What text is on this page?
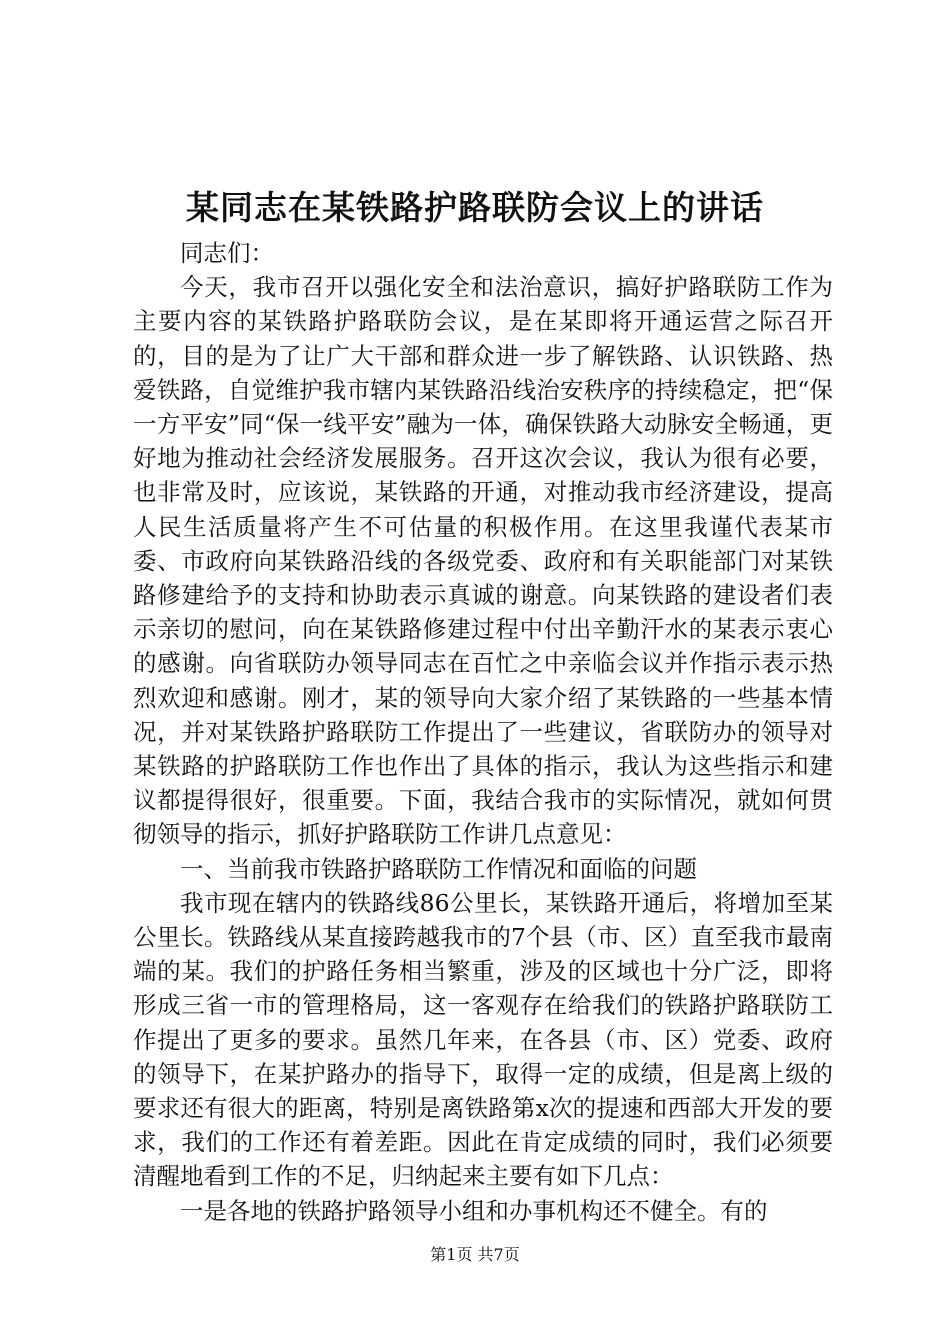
某同志在某铁路护路联防会议上的讲话

同志们：

今天，我市召开以强化安全和法治意识，搞好护路联防工作为主要内容的某铁路护路联防会议，是在某即将开通运营之际召开的，目的是为了让广大干部和群众进一步了解铁路、认识铁路、热爱铁路，自觉维护我市辖内某铁路沿线治安秩序的持续稳定，把“保一方平安”同“保一线平安”融为一体，确保铁路大动脉安全畅通，更好地为推动社会经济发展服务。召开这次会议，我认为很有必要，也非常及时，应该说，某铁路的开通，对推动我市经济建设，提高人民生活质量将产生不可估量的积极作用。在这里我谨代表某市委、市政府向某铁路沿线的各级党委、政府和有关职能部门对某铁路修建给予的支持和协助表示真诚的谢意。向某铁路的建设者们表示亲切的慰问，向在某铁路修建过程中付出辛勤汗水的某表示衷心的感谢。向省联防办领导同志在百忙之中亲临会议并作指示表示热烈欢迎和感谢。刚才，某的领导向大家介绍了某铁路的一些基本情况，并对某铁路护路联防工作提出了一些建议，省联防办的领导对某铁路的护路联防工作也作出了具体的指示，我认为这些指示和建议都提得很好，很重要。下面，我结合我市的实际情况，就如何贯彻领导的指示，抓好护路联防工作讲几点意见：

一、当前我市铁路护路联防工作情况和面临的问题

我市现在辖内的铁路线86公里长，某铁路开通后，将增加至某公里长。铁路线从某直接跨越我市的7个县（市、区）直至我市最南端的某。我们的护路任务相当繁重，涉及的区域也十分广泛，即将形成三省一市的管理格局，这一客观存在给我们的铁路护路联防工作提出了更多的要求。虽然几年来，在各县（市、区）党委、政府的领导下，在某护路办的指导下，取得一定的成绩，但是离上级的要求还有很大的距离，特别是离铁路第x次的提速和西部大开发的要求，我们的工作还有着差距。因此在肯定成绩的同时，我们必须要清醒地看到工作的不足，归纳起来主要有如下几点：

一是各地的铁路护路领导小组和办事机构还不健全。有的

第1页 共7页
